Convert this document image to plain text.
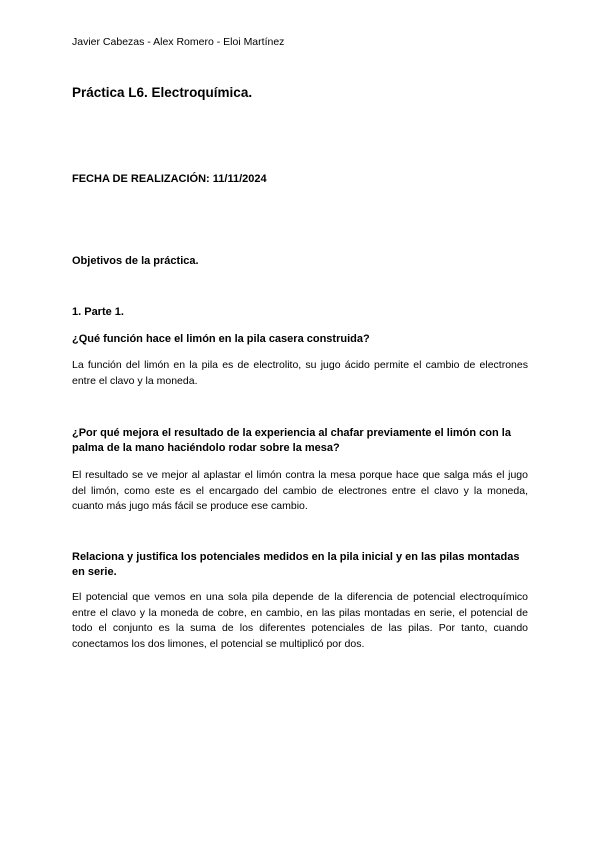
Javier Cabezas - Alex Romero - Eloi Martínez

Práctica L6. Electroquímica.

FECHA DE REALIZACIÓN: 11/11/2024

Objetivos de la práctica.

1. Parte 1.

¿Qué función hace el limón en la pila casera construida?

La función del limón en la pila es de electrolito, su jugo ácido permite el cambio de electrones entre el clavo y la moneda.

¿Por qué mejora el resultado de la experiencia al chafar previamente el limón con la palma de la mano haciéndolo rodar sobre la mesa?

El resultado se ve mejor al aplastar el limón contra la mesa porque hace que salga más el jugo del limón, como este es el encargado del cambio de electrones entre el clavo y la moneda, cuanto más jugo más fácil se produce ese cambio.

Relaciona y justifica los potenciales medidos en la pila inicial y en las pilas montadas en serie.

El potencial que vemos en una sola pila depende de la diferencia de potencial electroquímico entre el clavo y la moneda de cobre, en cambio, en las pilas montadas en serie, el potencial de todo el conjunto es la suma de los diferentes potenciales de las pilas. Por tanto, cuando conectamos los dos limones, el potencial se multiplicó por dos.
